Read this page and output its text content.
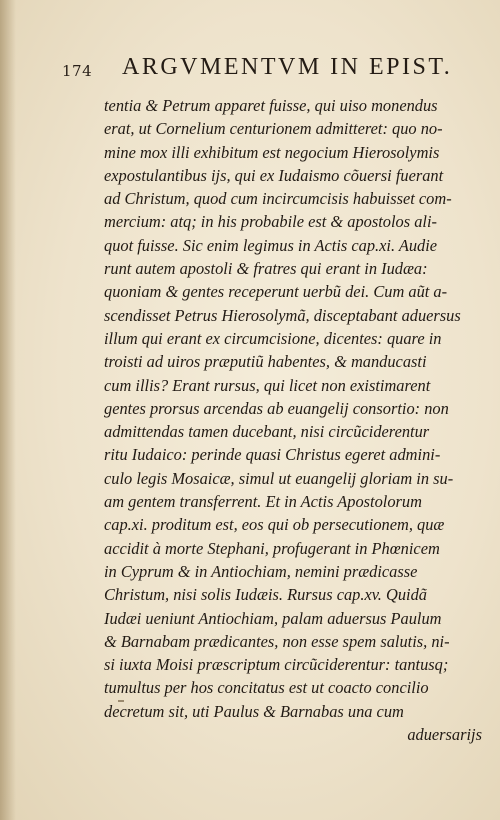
174 ARGVMENTVM IN EPIST.
tentia & Petrum apparet fuisse, qui uiso monendus
erat, ut Cornelium centurionem admitteret: quo no-
mine mox illi exhibitum est negocium Hierosolymis
expostulantibus ijs, qui ex Iudaismo cõuersi fuerant
ad Christum, quod cum incircumcisis habuisset com-
mercium: atq; in his probabile est & apostolos ali-
quot fuisse. Sic enim legimus in Actis cap.xi. Audie
runt autem apostoli & fratres qui erant in Iudæa:
quoniam & gentes receperunt uerbũ dei. Cum aũt a-
scendisset Petrus Hierosolymã, disceptabant aduersus
illum qui erant ex circumcisione, dicentes: quare in
troisti ad uiros præputiũ habentes, & manducasti
cum illis? Erant rursus, qui licet non existimarent
gentes prorsus arcendas ab euangelij consortio: non
admittendas tamen ducebant, nisi circũciderentur
ritu Iudaico: perinde quasi Christus egeret admini-
culo legis Mosaicæ, simul ut euangelij gloriam in su-
am gentem transferrent. Et in Actis Apostolorum
cap.xi. proditum est, eos qui ob persecutionem, quæ
accidit à morte Stephani, profugerant in Phœnicem
in Cyprum & in Antiochiam, nemini prædicasse
Christum, nisi solis Iudæis. Rursus cap.xv. Quidã
Iudæi ueniunt Antiochiam, palam aduersus Paulum
& Barnabam prædicantes, non esse spem salutis, ni-
si iuxta Moisi præscriptum circũciderentur: tantusq;
tumultus per hos concitatus est ut coacto concilio
decretum sit, uti Paulus & Barnabas una cum
aduersarijs
